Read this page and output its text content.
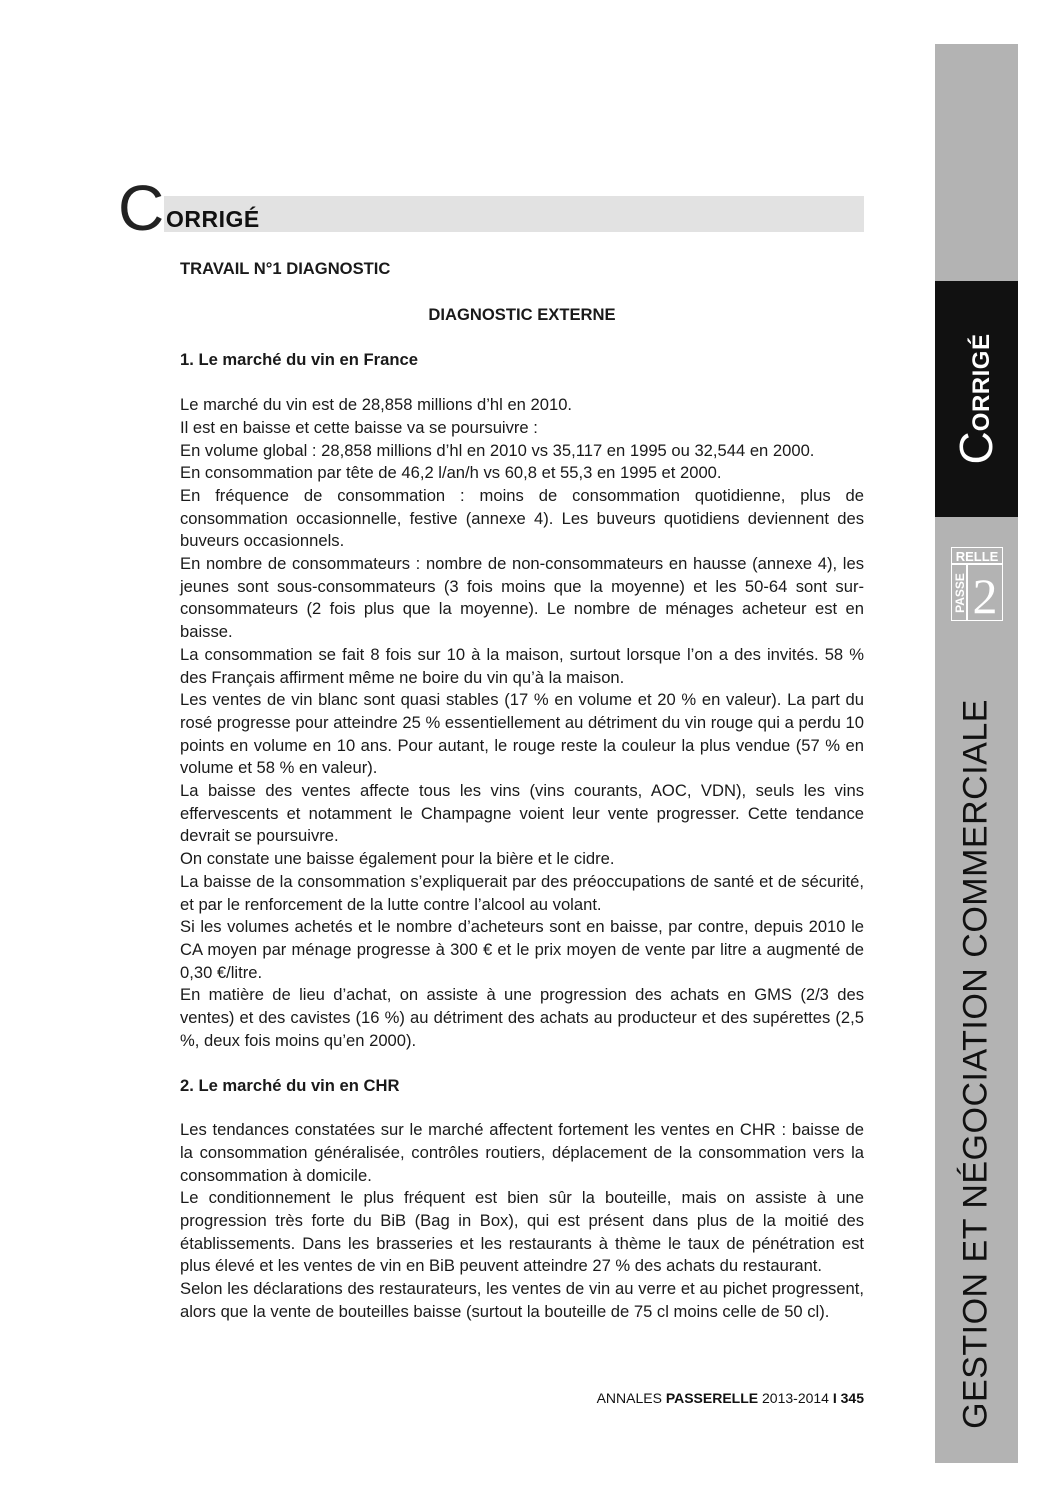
C ORRIGÉ

TRAVAIL N°1 DIAGNOSTIC

DIAGNOSTIC EXTERNE

1. Le marché du vin en France

Le marché du vin est de 28,858 millions d’hl en 2010.

Il est en baisse et cette baisse va se poursuivre :

En volume global : 28,858 millions d’hl en 2010 vs 35,117 en 1995 ou 32,544 en 2000.

En consommation par tête de 46,2 l/an/h vs 60,8 et 55,3 en 1995 et 2000.

En fréquence de consommation : moins de consommation quotidienne, plus de consommation occasionnelle, festive (annexe 4). Les buveurs quotidiens deviennent des buveurs occasionnels.

En nombre de consommateurs : nombre de non-consommateurs en hausse (annexe 4), les jeunes sont sous-consommateurs (3 fois moins que la moyenne) et les 50-64 sont sur-consommateurs (2 fois plus que la moyenne). Le nombre de ménages acheteur est en baisse.

La consommation se fait 8 fois sur 10 à la maison, surtout lorsque l’on a des invités. 58 % des Français affirment même ne boire du vin qu’à la maison.

Les ventes de vin blanc sont quasi stables (17 % en volume et 20 % en valeur). La part du rosé progresse pour atteindre 25 % essentiellement au détriment du vin rouge qui a perdu 10 points en volume en 10 ans. Pour autant, le rouge reste la couleur la plus vendue (57 % en volume et 58 % en valeur).

La baisse des ventes affecte tous les vins (vins courants, AOC, VDN), seuls les vins effervescents et notamment le Champagne voient leur vente progresser. Cette tendance devrait se poursuivre.

On constate une baisse également pour la bière et le cidre.

La baisse de la consommation s’expliquerait par des préoccupations de santé et de sécurité, et par le renforcement de la lutte contre l’alcool au volant.

Si les volumes achetés et le nombre d’acheteurs sont en baisse, par contre, depuis 2010 le CA moyen par ménage progresse à 300 € et le prix moyen de vente par litre a augmenté de 0,30 €/litre.

En matière de lieu d’achat, on assiste à une progression des achats en GMS (2/3 des ventes) et des cavistes (16 %) au détriment des achats au producteur et des supérettes (2,5 %, deux fois moins qu’en 2000).

2. Le marché du vin en CHR

Les tendances constatées sur le marché affectent fortement les ventes en CHR : baisse de la consommation généralisée, contrôles routiers, déplacement de la consommation vers la consommation à domicile.

Le conditionnement le plus fréquent est bien sûr la bouteille, mais on assiste à une progression très forte du BiB (Bag in Box), qui est présent dans plus de la moitié des établissements. Dans les brasseries et les restaurants à thème le taux de pénétration est plus élevé et les ventes de vin en BiB peuvent atteindre 27 % des achats du restaurant.

Selon les déclarations des restaurateurs, les ventes de vin au verre et au pichet progressent, alors que la vente de bouteilles baisse (surtout la bouteille de 75 cl moins celle de 50 cl).

ANNALES PASSERELLE 2013-2014 I 345
C
ORRIGÉ
RELLE
PASSE 2
GESTION ET NÉGOCIATION COMMERCIALE
